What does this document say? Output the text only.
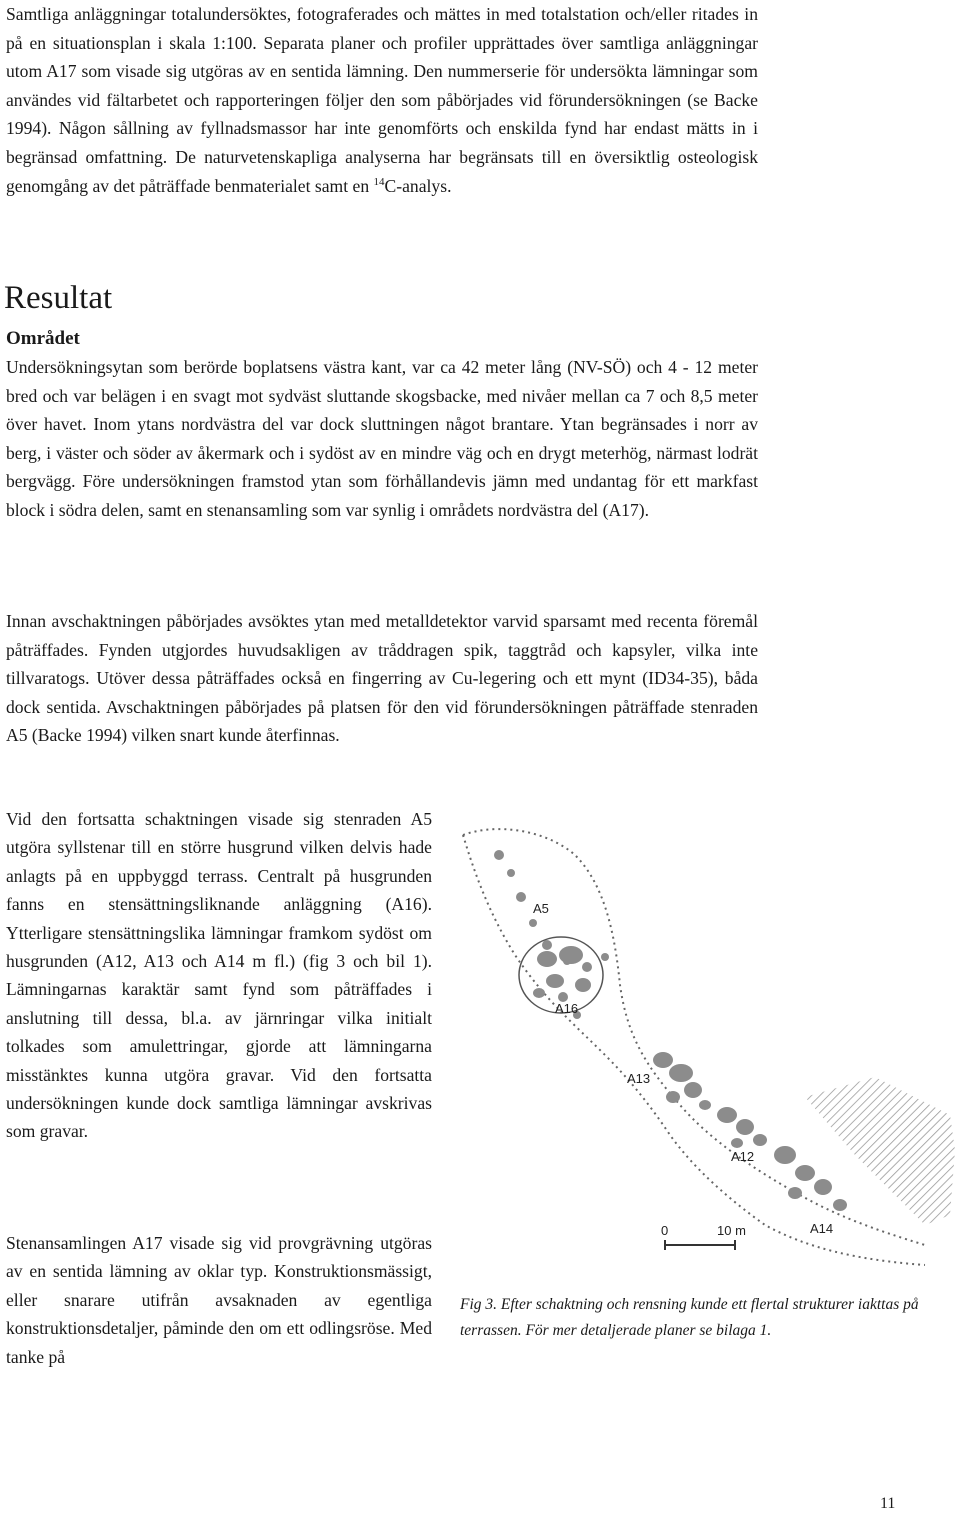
Samtliga anläggningar totalundersöktes, fotograferades och mättes in med totalstation och/eller ritades in på en situationsplan i skala 1:100. Separata planer och profiler upprättades över samtliga anläggningar utom A17 som visade sig utgöras av en sentida lämning. Den nummerserie för undersökta lämningar som användes vid fältarbetet och rapporteringen följer den som påbörjades vid förundersökningen (se Backe 1994). Någon sållning av fyllnadsmassor har inte genomförts och enskilda fynd har endast mätts in i begränsad omfattning. De naturvetenskapliga analyserna har begränsats till en översiktlig osteologisk genomgång av det påträffade benmaterialet samt en $^{14}$C-analys.

Resultat
Området

Undersökningsytan som berörde boplatsens västra kant, var ca 42 meter lång (NV-SÖ) och 4 - 12 meter bred och var belägen i en svagt mot sydväst sluttande skogsbacke, med nivåer mellan ca 7 och 8,5 meter över havet. Inom ytans nordvästra del var dock sluttningen något brantare. Ytan begränsades i norr av berg, i väster och söder av åkermark och i sydöst av en mindre väg och en drygt meterhög, närmast lodrät bergvägg. Före undersökningen framstod ytan som förhållandevis jämn med undantag för ett markfast block i södra delen, samt en stenansamling som var synlig i områdets nordvästra del (A17).

Innan avschaktningen påbörjades avsöktes ytan med metalldetektor varvid sparsamt med recenta föremål påträffades. Fynden utgjordes huvudsakligen av tråddragen spik, taggtråd och kapsyler, vilka inte tillvaratogs. Utöver dessa påträffades också en fingerring av Cu-legering och ett mynt (ID34-35), båda dock sentida. Avschaktningen påbörjades på platsen för den vid förundersökningen påträffade stenraden A5 (Backe 1994) vilken snart kunde återfinnas.

Vid den fortsatta schaktningen visade sig stenraden A5 utgöra syllstenar till en större husgrund vilken delvis hade anlagts på en uppbyggd terrass. Centralt på husgrunden fanns en stensättningsliknande anläggning (A16). Ytterligare stensättningslika lämningar framkom sydöst om husgrunden (A12, A13 och A14 m fl.) (fig 3 och bil 1). Lämningarnas karaktär samt fynd som påträffades i anslutning till dessa, bl.a. av järnringar vilka initialt tolkades som amulettringar, gjorde att lämningarna misstänktes kunna utgöra gravar. Vid den fortsatta undersökningen kunde dock samtliga lämningar avskrivas som gravar.

Stenansamlingen A17 visade sig vid provgrävning utgöras av en sentida lämning av oklar typ. Konstruktionsmässigt, eller snarare utifrån avsaknaden av egentliga konstruktionsdetaljer, påminde den om ett odlingsröse. Med tanke på

A5
A16
A13
A12
A14
0	10 m

Fig 3. Efter schaktning och rensning kunde ett flertal strukturer iakttas på terrassen. För mer detaljerade planer se bilaga 1.

11
